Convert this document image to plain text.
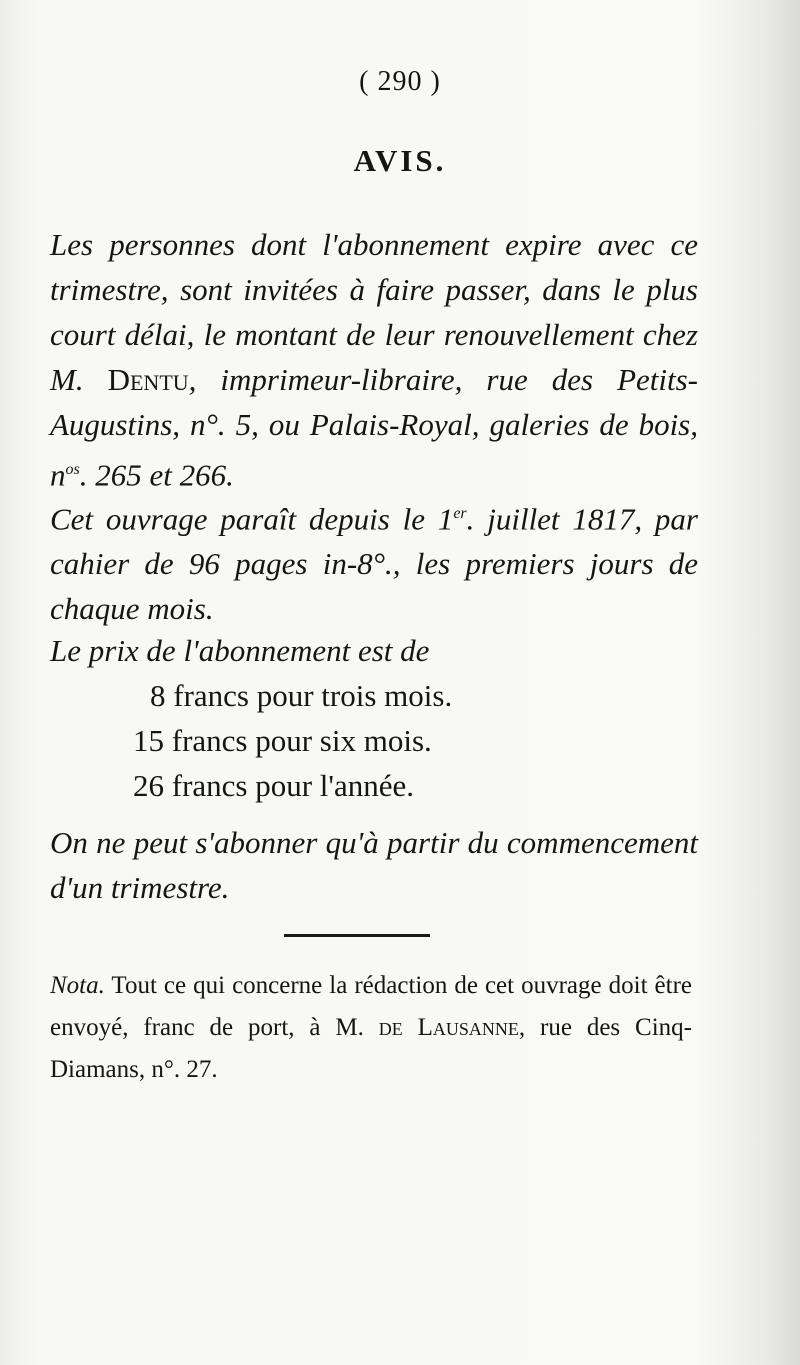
( 290 )
AVIS.
Les personnes dont l'abonnement expire avec ce trimestre, sont invitées à faire passer, dans le plus court délai, le montant de leur renouvellement chez M. Dentu, imprimeur-libraire, rue des Petits-Augustins, n°. 5, ou Palais-Royal, galeries de bois, $n^{os}$. 265 et 266.
Cet ouvrage paraît depuis le 1er. juillet 1817, par cahier de 96 pages in-8°., les premiers jours de chaque mois.
Le prix de l'abonnement est de
8 francs pour trois mois.
15 francs pour six mois.
26 francs pour l'année.
On ne peut s'abonner qu'à partir du commencement d'un trimestre.
Nota. Tout ce qui concerne la rédaction de cet ouvrage doit être envoyé, franc de port, à M. de Lausanne, rue des Cinq-Diamans, n°. 27.
